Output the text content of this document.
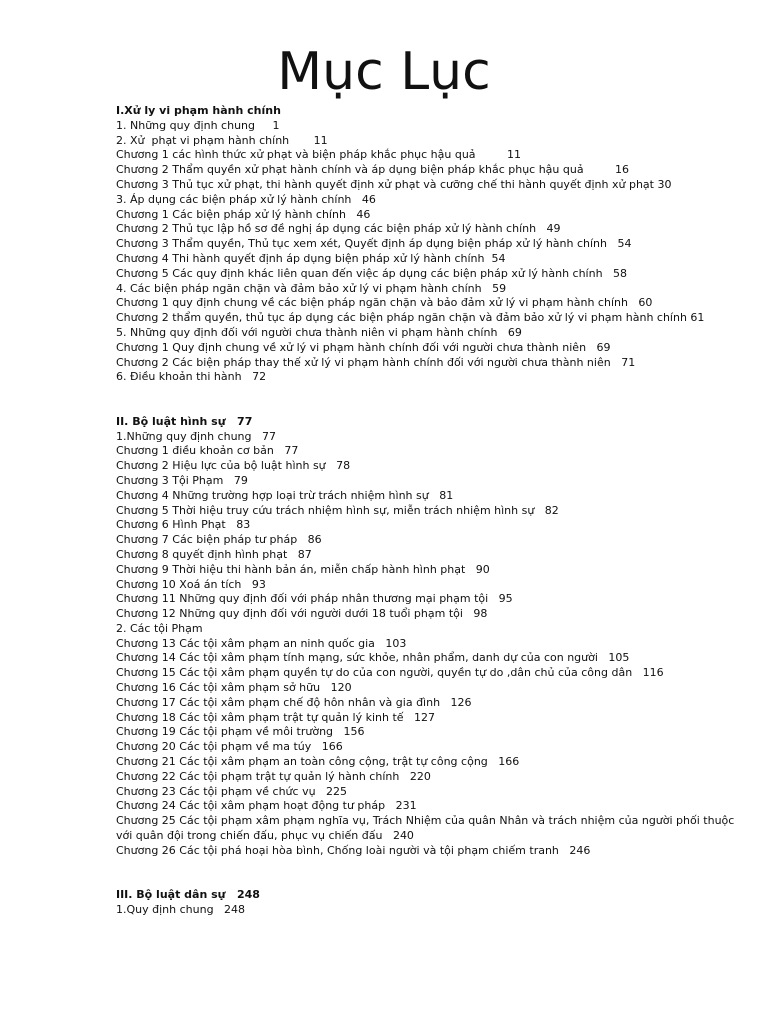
Mục Lục
I.Xử ly vi phạm hành chính
1. Những quy định chung     1
2. Xử  phạt vi phạm hành chính       11
Chương 1 các hình thức xử phạt và biện pháp khắc phục hậu quả         11
Chương 2 Thẩm quyền xử phạt hành chính và áp dụng biện pháp khắc phục hậu quả         16
Chương 3 Thủ tục xử phạt, thi hành quyết định xử phạt và cưỡng chế thi hành quyết định xử phạt 30
3. Áp dụng các biện pháp xử lý hành chính   46
Chương 1 Các biện pháp xử lý hành chính   46
Chương 2 Thủ tục lập hồ sơ đề nghị áp dụng các biện pháp xử lý hành chính   49
Chương 3 Thẩm quyền, Thủ tục xem xét, Quyết định áp dụng biện pháp xử lý hành chính   54
Chương 4 Thi hành quyết định áp dụng biện pháp xử lý hành chính  54
Chương 5 Các quy định khác liên quan đến việc áp dụng các biện pháp xử lý hành chính   58
4. Các biện pháp ngăn chặn và đảm bảo xử lý vi phạm hành chính   59
Chương 1 quy định chung về các biện pháp ngăn chặn và bảo đảm xử lý vi phạm hành chính   60
Chương 2 thẩm quyền, thủ tục áp dụng các biện pháp ngăn chặn và đảm bảo xử lý vi phạm hành chính 61
5. Những quy định đối với người chưa thành niên vi phạm hành chính   69
Chương 1 Quy định chung về xử lý vi phạm hành chính đối với người chưa thành niên   69
Chương 2 Các biện pháp thay thế xử lý vi phạm hành chính đối với người chưa thành niên   71
6. Điều khoản thi hành   72
II. Bộ luật hình sự   77
1.Những quy định chung   77
Chương 1 điều khoản cơ bản   77
Chương 2 Hiệu lực của bộ luật hình sự   78
Chương 3 Tội Phạm   79
Chương 4 Những trường hợp loại trừ trách nhiệm hình sự   81
Chương 5 Thời hiệu truy cứu trách nhiệm hình sự, miễn trách nhiệm hình sự   82
Chương 6 Hình Phạt   83
Chương 7 Các biện pháp tư pháp   86
Chương 8 quyết định hình phạt   87
Chương 9 Thời hiệu thi hành bản án, miễn chấp hành hình phạt   90
Chương 10 Xoá án tích   93
Chương 11 Những quy định đối với pháp nhân thương mại phạm tội   95
Chương 12 Những quy định đối với người dưới 18 tuổi phạm tội   98
2. Các tội Phạm
Chương 13 Các tội xâm phạm an ninh quốc gia   103
Chương 14 Các tội xâm phạm tính mạng, sức khỏe, nhân phẩm, danh dự của con người   105
Chương 15 Các tội xâm phạm quyền tự do của con người, quyền tự do ,dân chủ của công dân   116
Chương 16 Các tội xâm phạm sở hữu   120
Chương 17 Các tội xâm phạm chế độ hôn nhân và gia đình   126
Chương 18 Các tội xâm phạm trật tự quản lý kinh tế   127
Chương 19 Các tội phạm về môi trường   156
Chương 20 Các tội phạm về ma túy   166
Chương 21 Các tội xâm phạm an toàn công cộng, trật tự công cộng   166
Chương 22 Các tội phạm trật tự quản lý hành chính   220
Chương 23 Các tội phạm về chức vụ   225
Chương 24 Các tội xâm phạm hoạt động tư pháp   231
Chương 25 Các tội phạm xâm phạm nghĩa vụ, Trách Nhiệm của quân Nhân và trách nhiệm của người phối thuộc với quân đội trong chiến đấu, phục vụ chiến đấu   240
Chương 26 Các tội phá hoại hòa bình, Chống loài người và tội phạm chiếm tranh   246
III. Bộ luật dân sự   248
1.Quy định chung   248
